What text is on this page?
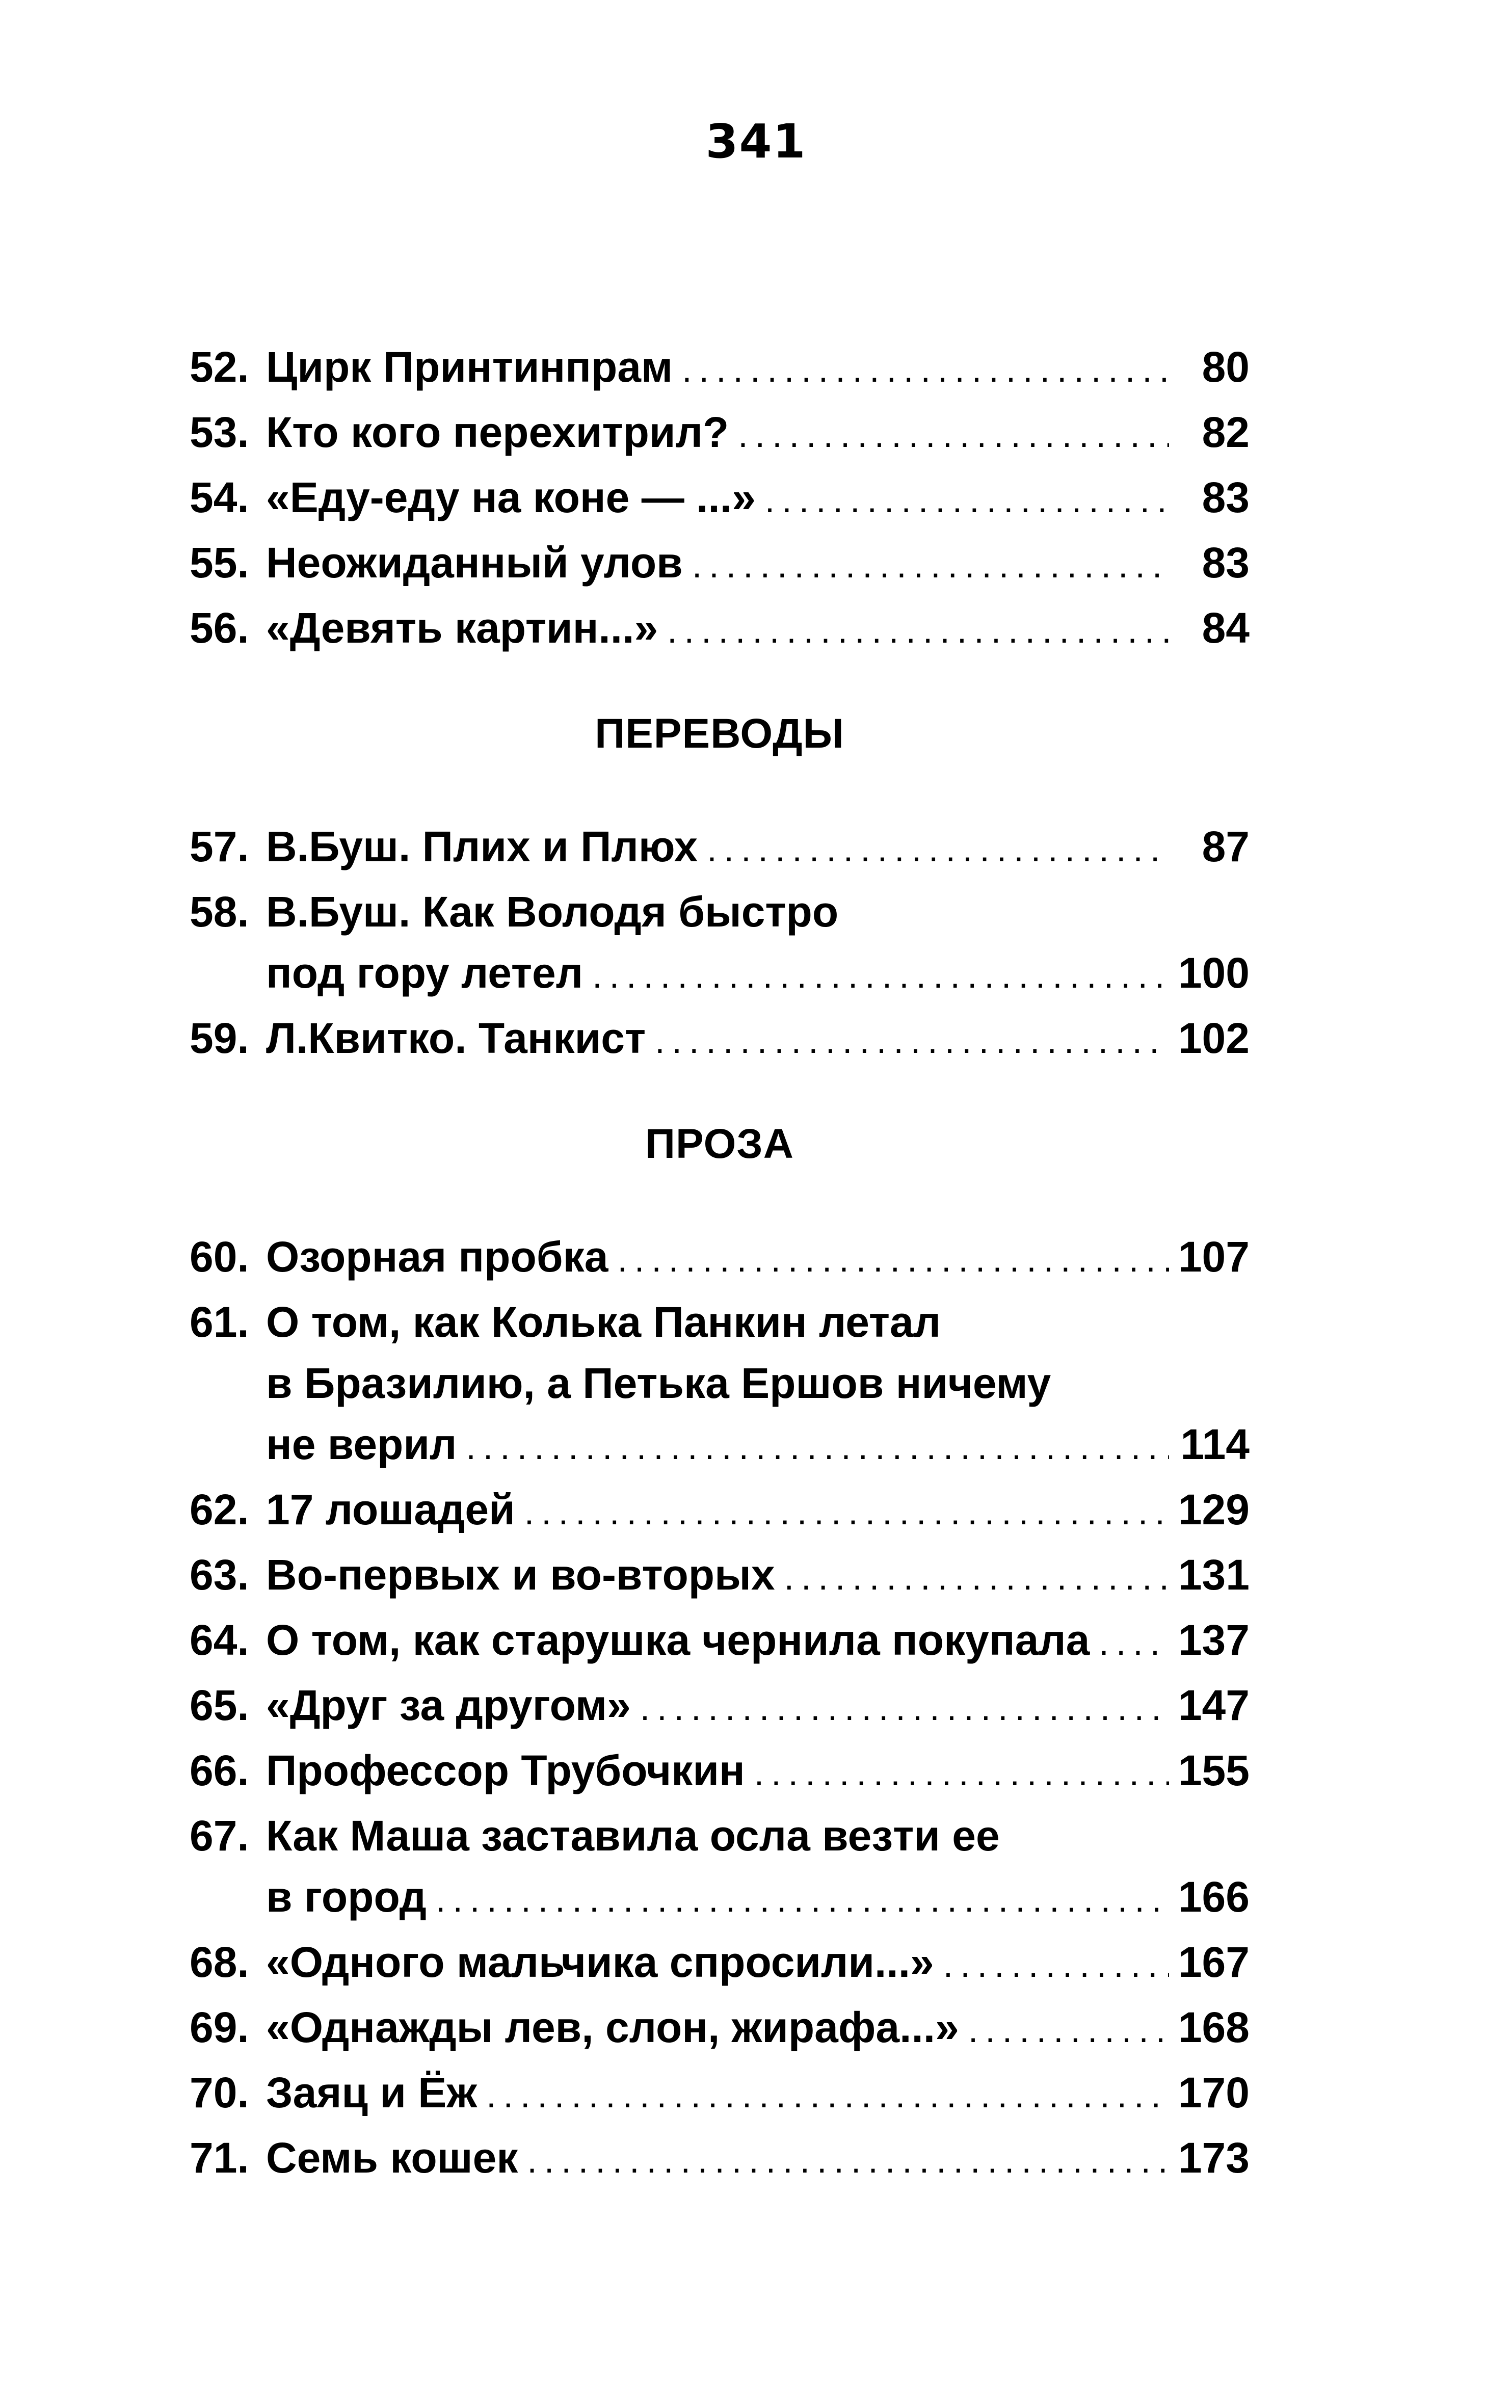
341
52. Цирк Принтинпрам .....	80
53. Кто кого перехитрил? .....	82
54. «Еду-еду на коне — ...» .....	83
55. Неожиданный улов .....	83
56. «Девять картин...» .....	84
ПЕРЕВОДЫ
57. В.Буш. Плих и Плюх .....	87
58. В.Буш. Как Володя быстро
под гору летел .....	100
59. Л.Квитко. Танкист .....	102
ПРОЗА
60. Озорная пробка .....	107
61. О том, как Колька Панкин летал
в Бразилию, а Петька Ершов ничему
не верил .....	114
62. 17 лошадей .....	129
63. Во-первых и во-вторых .....	131
64. О том, как старушка чернила покупала ..... 137
65. «Друг за другом» .....	147
66. Профессор Трубочкин .....	155
67. Как Маша заставила осла везти ее
в город .....	166
68. «Одного мальчика спросили...» .....	167
69. «Однажды лев, слон, жирафа...» .....	168
70. Заяц и Ёж .....	170
71. Семь кошек .....	173
